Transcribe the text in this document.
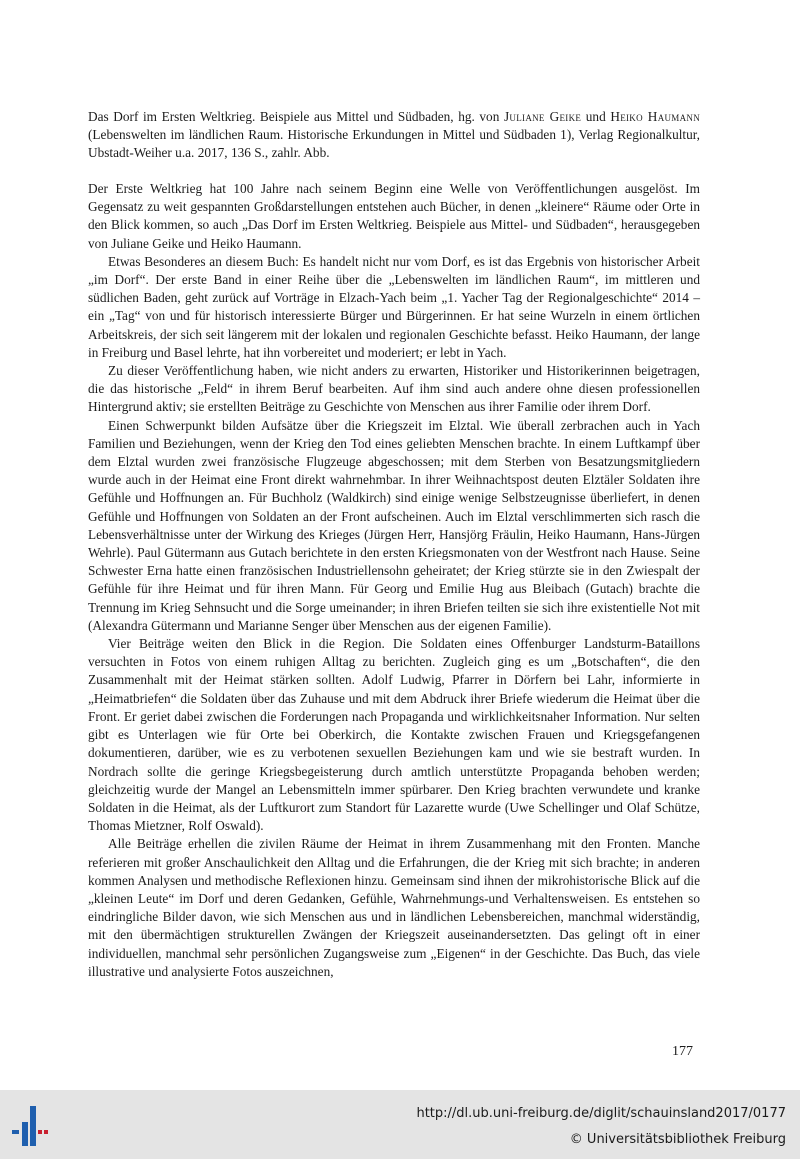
Das Dorf im Ersten Weltkrieg. Beispiele aus Mittel und Südbaden, hg. von Juliane Geike und Heiko Haumann (Lebenswelten im ländlichen Raum. Historische Erkundungen in Mittel und Südbaden 1), Verlag Regionalkultur, Ubstadt-Weiher u.a. 2017, 136 S., zahlr. Abb.

Der Erste Weltkrieg hat 100 Jahre nach seinem Beginn eine Welle von Veröffentlichungen ausgelöst. Im Gegensatz zu weit gespannten Großdarstellungen entstehen auch Bücher, in denen „kleinere“ Räume oder Orte in den Blick kommen, so auch „Das Dorf im Ersten Weltkrieg. Beispiele aus Mittel- und Südbaden“, herausgegeben von Juliane Geike und Heiko Haumann.

Etwas Besonderes an diesem Buch: Es handelt nicht nur vom Dorf, es ist das Ergebnis von historischer Arbeit „im Dorf“. Der erste Band in einer Reihe über die „Lebenswelten im ländlichen Raum“, im mittleren und südlichen Baden, geht zurück auf Vorträge in Elzach-Yach beim „1. Yacher Tag der Regionalgeschichte“ 2014 – ein „Tag“ von und für historisch interessierte Bürger und Bürgerinnen. Er hat seine Wurzeln in einem örtlichen Arbeitskreis, der sich seit längerem mit der lokalen und regionalen Geschichte befasst. Heiko Haumann, der lange in Freiburg und Basel lehrte, hat ihn vorbereitet und moderiert; er lebt in Yach.

Zu dieser Veröffentlichung haben, wie nicht anders zu erwarten, Historiker und Historikerinnen beigetragen, die das historische „Feld“ in ihrem Beruf bearbeiten. Auf ihm sind auch andere ohne diesen professionellen Hintergrund aktiv; sie erstellten Beiträge zu Geschichte von Menschen aus ihrer Familie oder ihrem Dorf.

Einen Schwerpunkt bilden Aufsätze über die Kriegszeit im Elztal. Wie überall zerbrachen auch in Yach Familien und Beziehungen, wenn der Krieg den Tod eines geliebten Menschen brachte. In einem Luftkampf über dem Elztal wurden zwei französische Flugzeuge abgeschossen; mit dem Sterben von Besatzungsmitgliedern wurde auch in der Heimat eine Front direkt wahrnehmbar. In ihrer Weihnachtspost deuten Elztäler Soldaten ihre Gefühle und Hoffnungen an. Für Buchholz (Waldkirch) sind einige wenige Selbstzeugnisse überliefert, in denen Gefühle und Hoffnungen von Soldaten an der Front aufscheinen. Auch im Elztal verschlimmerten sich rasch die Lebensverhältnisse unter der Wirkung des Krieges (Jürgen Herr, Hansjörg Fräulin, Heiko Haumann, Hans-Jürgen Wehrle). Paul Gütermann aus Gutach berichtete in den ersten Kriegsmonaten von der Westfront nach Hause. Seine Schwester Erna hatte einen französischen Industriellensohn geheiratet; der Krieg stürzte sie in den Zwiespalt der Gefühle für ihre Heimat und für ihren Mann. Für Georg und Emilie Hug aus Bleibach (Gutach) brachte die Trennung im Krieg Sehnsucht und die Sorge umeinander; in ihren Briefen teilten sie sich ihre existentielle Not mit (Alexandra Gütermann und Marianne Senger über Menschen aus der eigenen Familie).

Vier Beiträge weiten den Blick in die Region. Die Soldaten eines Offenburger Landsturm-Bataillons versuchten in Fotos von einem ruhigen Alltag zu berichten. Zugleich ging es um „Botschaften“, die den Zusammenhalt mit der Heimat stärken sollten. Adolf Ludwig, Pfarrer in Dörfern bei Lahr, informierte in „Heimatbriefen“ die Soldaten über das Zuhause und mit dem Abdruck ihrer Briefe wiederum die Heimat über die Front. Er geriet dabei zwischen die Forderungen nach Propaganda und wirklichkeitsnaher Information. Nur selten gibt es Unterlagen wie für Orte bei Oberkirch, die Kontakte zwischen Frauen und Kriegsgefangenen dokumentieren, darüber, wie es zu verbotenen sexuellen Beziehungen kam und wie sie bestraft wurden. In Nordrach sollte die geringe Kriegsbegeisterung durch amtlich unterstützte Propaganda behoben werden; gleichzeitig wurde der Mangel an Lebensmitteln immer spürbarer. Den Krieg brachten verwundete und kranke Soldaten in die Heimat, als der Luftkurort zum Standort für Lazarette wurde (Uwe Schellinger und Olaf Schütze, Thomas Mietzner, Rolf Oswald).

Alle Beiträge erhellen die zivilen Räume der Heimat in ihrem Zusammenhang mit den Fronten. Manche referieren mit großer Anschaulichkeit den Alltag und die Erfahrungen, die der Krieg mit sich brachte; in anderen kommen Analysen und methodische Reflexionen hinzu. Gemeinsam sind ihnen der mikrohistorische Blick auf die „kleinen Leute“ im Dorf und deren Gedanken, Gefühle, Wahrnehmungs-und Verhaltensweisen. Es entstehen so eindringliche Bilder davon, wie sich Menschen aus und in ländlichen Lebensbereichen, manchmal widerständig, mit den übermächtigen strukturellen Zwängen der Kriegszeit auseinandersetzten. Das gelingt oft in einer individuellen, manchmal sehr persönlichen Zugangsweise zum „Eigenen“ in der Geschichte. Das Buch, das viele illustrative und analysierte Fotos auszeichnen,

177
http://dl.ub.uni-freiburg.de/diglit/schauinsland2017/0177
© Universitätsbibliothek Freiburg
